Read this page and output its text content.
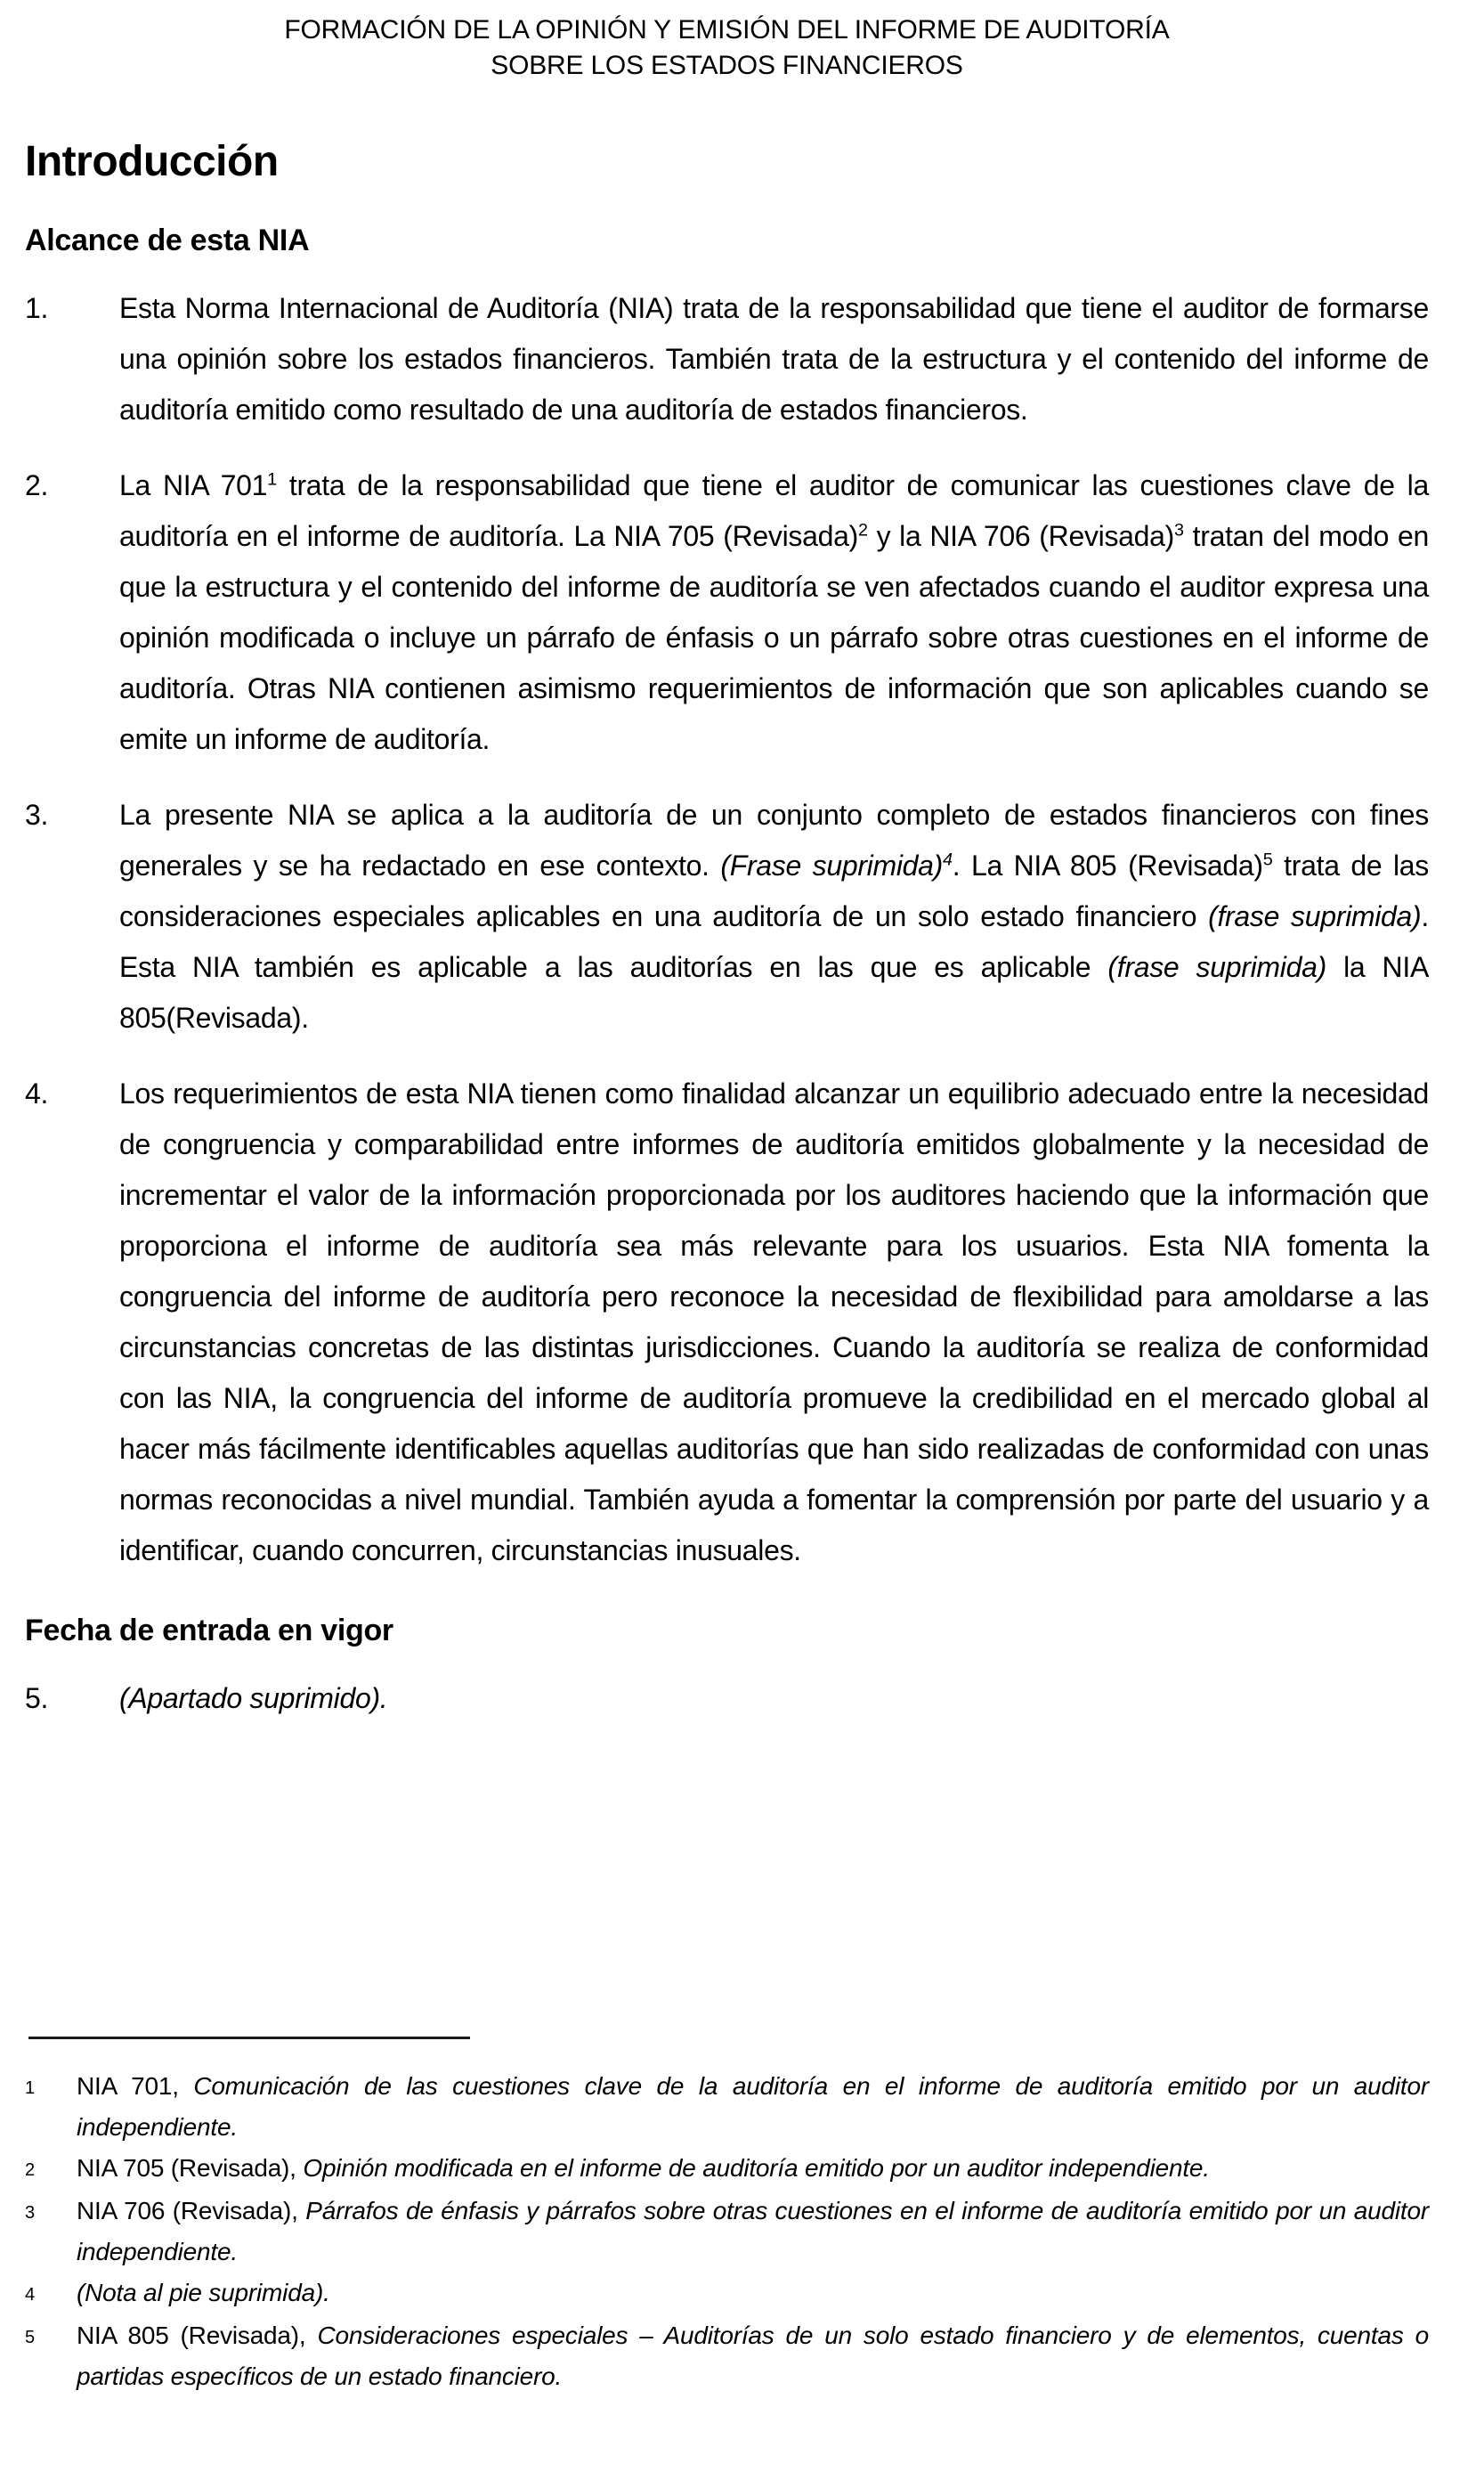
FORMACIÓN DE LA OPINIÓN Y EMISIÓN DEL INFORME DE AUDITORÍA
SOBRE LOS ESTADOS FINANCIEROS
Introducción
Alcance de esta NIA
1.	Esta Norma Internacional de Auditoría (NIA) trata de la responsabilidad que tiene el auditor de formarse una opinión sobre los estados financieros. También trata de la estructura y el contenido del informe de auditoría emitido como resultado de una auditoría de estados financieros.
2.	La NIA $701^1$ trata de la responsabilidad que tiene el auditor de comunicar las cuestiones clave de la auditoría en el informe de auditoría. La NIA 705 (Revisada)$^2$ y la NIA 706 (Revisada)$^3$ tratan del modo en que la estructura y el contenido del informe de auditoría se ven afectados cuando el auditor expresa una opinión modificada o incluye un párrafo de énfasis o un párrafo sobre otras cuestiones en el informe de auditoría. Otras NIA contienen asimismo requerimientos de información que son aplicables cuando se emite un informe de auditoría.
3.	La presente NIA se aplica a la auditoría de un conjunto completo de estados financieros con fines generales y se ha redactado en ese contexto. (Frase suprimida)$^4$. La NIA 805 (Revisada)$^5$ trata de las consideraciones especiales aplicables en una auditoría de un solo estado financiero (frase suprimida). Esta NIA también es aplicable a las auditorías en las que es aplicable (frase suprimida) la NIA 805(Revisada).
4.	Los requerimientos de esta NIA tienen como finalidad alcanzar un equilibrio adecuado entre la necesidad de congruencia y comparabilidad entre informes de auditoría emitidos globalmente y la necesidad de incrementar el valor de la información proporcionada por los auditores haciendo que la información que proporciona el informe de auditoría sea más relevante para los usuarios. Esta NIA fomenta la congruencia del informe de auditoría pero reconoce la necesidad de flexibilidad para amoldarse a las circunstancias concretas de las distintas jurisdicciones. Cuando la auditoría se realiza de conformidad con las NIA, la congruencia del informe de auditoría promueve la credibilidad en el mercado global al hacer más fácilmente identificables aquellas auditorías que han sido realizadas de conformidad con unas normas reconocidas a nivel mundial. También ayuda a fomentar la comprensión por parte del usuario y a identificar, cuando concurren, circunstancias inusuales.
Fecha de entrada en vigor
5.	(Apartado suprimido).
1	NIA 701, Comunicación de las cuestiones clave de la auditoría en el informe de auditoría emitido por un auditor independiente.
2	NIA 705 (Revisada), Opinión modificada en el informe de auditoría emitido por un auditor independiente.
3	NIA 706 (Revisada), Párrafos de énfasis y párrafos sobre otras cuestiones en el informe de auditoría emitido por un auditor independiente.
4	(Nota al pie suprimida).
5	NIA 805 (Revisada), Consideraciones especiales – Auditorías de un solo estado financiero y de elementos, cuentas o partidas específicos de un estado financiero.
